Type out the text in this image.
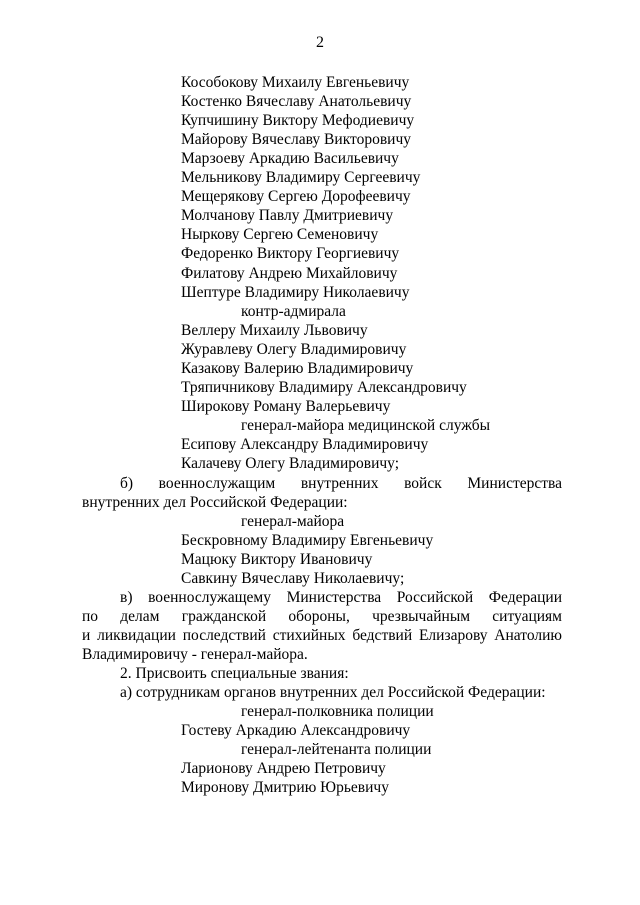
2
Кособокову Михаилу Евгеньевичу
Костенко Вячеславу Анатольевичу
Купчишину Виктору Мефодиевичу
Майорову Вячеславу Викторовичу
Марзоеву Аркадию Васильевичу
Мельникову Владимиру Сергеевичу
Мещерякову Сергею Дорофеевичу
Молчанову Павлу Дмитриевичу
Ныркову Сергею Семеновичу
Федоренко Виктору Георгиевичу
Филатову Андрею Михайловичу
Шептуре Владимиру Николаевичу
контр-адмирала
Веллеру Михаилу Львовичу
Журавлеву Олегу Владимировичу
Казакову Валерию Владимировичу
Тряпичникову Владимиру Александровичу
Широкову Роману Валерьевичу
генерал-майора медицинской службы
Есипову Александру Владимировичу
Калачеву Олегу Владимировичу;
б) военнослужащим внутренних войск Министерства
внутренних дел Российской Федерации:
генерал-майора
Бескровному Владимиру Евгеньевичу
Мацюку Виктору Ивановичу
Савкину Вячеславу Николаевичу;
в) военнослужащему Министерства Российской Федерации
по делам гражданской обороны, чрезвычайным ситуациям
и ликвидации последствий стихийных бедствий Елизарову Анатолию
Владимировичу - генерал-майора.
2. Присвоить специальные звания:
а) сотрудникам органов внутренних дел Российской Федерации:
генерал-полковника полиции
Гостеву Аркадию Александровичу
генерал-лейтенанта полиции
Ларионову Андрею Петровичу
Миронову Дмитрию Юрьевичу
